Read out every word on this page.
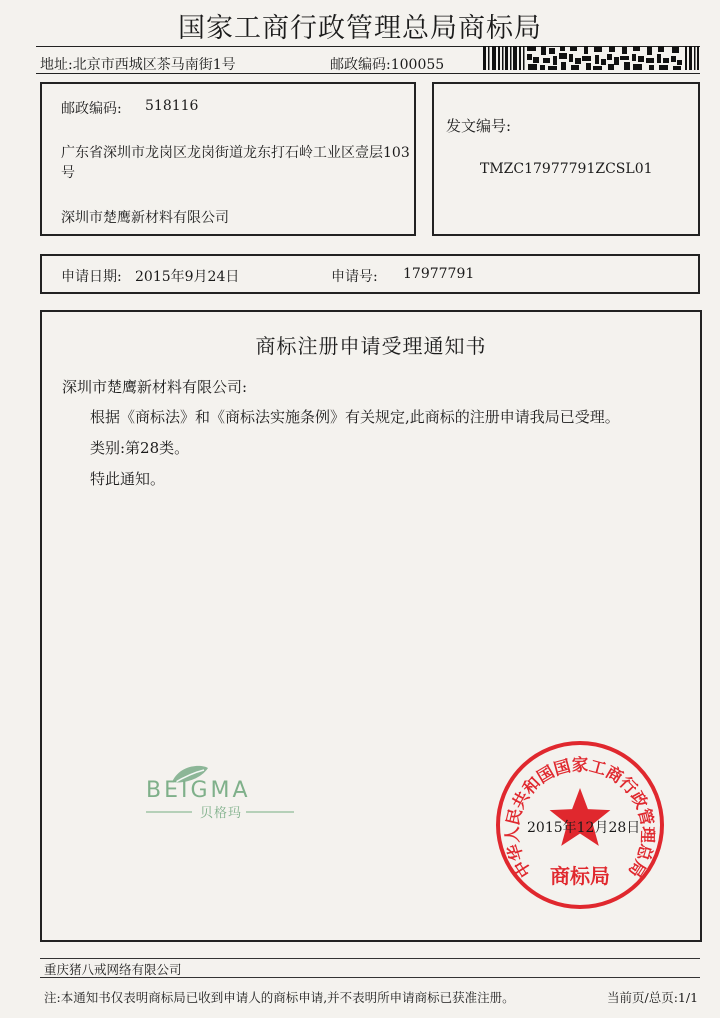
国家工商行政管理总局商标局
地址:北京市西城区茶马南街1号	邮政编码:100055
邮政编码: 518116
广东省深圳市龙岗区龙岗街道龙东打石岭工业区壹层103
号
深圳市楚鹰新材料有限公司
发文编号:
TMZC17977791ZCSL01
申请日期: 2015年9月24日	申请号: 17977791
商标注册申请受理通知书
深圳市楚鹰新材料有限公司:
根据《商标法》和《商标法实施条例》有关规定,此商标的注册申请我局已受理。
类别:第28类。
特此通知。
BEIGMA
贝格玛
中华人民共和国国家工商行政管理总局
商标局
2015年12月28日
重庆猪八戒网络有限公司
注:本通知书仅表明商标局已收到申请人的商标申请,并不表明所申请商标已获准注册。	当前页/总页:1/1
